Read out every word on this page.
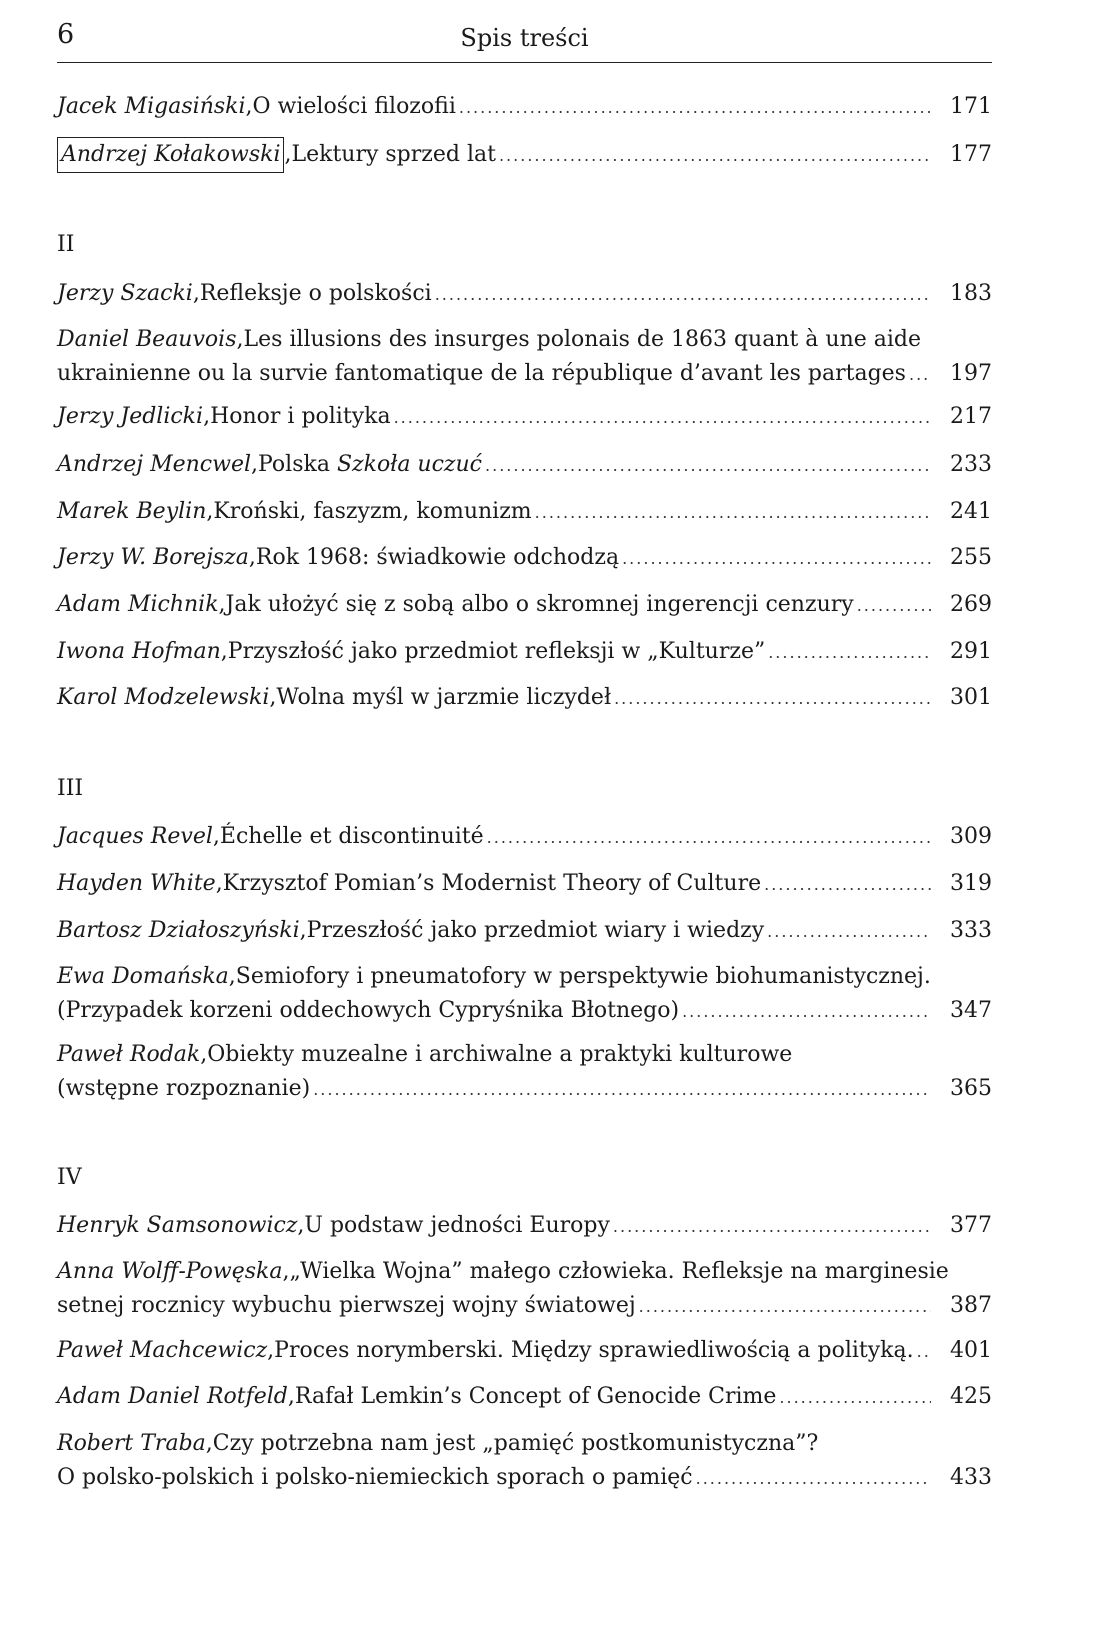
6	Spis treści
Jacek Migasiński , O wielości filozofii .....	171
Andrzej Kołakowski , Lektury sprzed lat .....	177
II
Jerzy Szacki , Refleksje o polskości .....	183
Daniel Beauvois , Les illusions des insurges polonais de 1863 quant à une aide
ukrainienne ou la survie fantomatique de la république d’avant les partages .....	197
Jerzy Jedlicki , Honor i polityka .....	217
Andrzej Mencwel , Polska
Szkoła uczuć .....	233
Marek Beylin , Kroński, faszyzm, komunizm .....	241
Jerzy W. Borejsza , Rok 1968: świadkowie odchodzą .....	255
Adam Michnik , Jak ułożyć się z sobą albo o skromnej ingerencji cenzury .....	269
Iwona Hofman , Przyszłość jako przedmiot refleksji w „Kulturze” .....	291
Karol Modzelewski , Wolna myśl w jarzmie liczydeł .....	301
III
Jacques Revel , Échelle et discontinuité .....	309
Hayden White , Krzysztof Pomian’s Modernist Theory of Culture .....	319
Bartosz Działoszyński , Przeszłość jako przedmiot wiary i wiedzy .....	333
Ewa Domańska , Semiofory i pneumatofory w perspektywie biohumanistycznej.
(Przypadek korzeni oddechowych Cypryśnika Błotnego) .....	347
Paweł Rodak , Obiekty muzealne i archiwalne a praktyki kulturowe
(wstępne rozpoznanie) .....	365
IV
Henryk Samsonowicz , U podstaw jedności Europy .....	377
Anna Wolff-Powęska , „Wielka Wojna” małego człowieka. Refleksje na marginesie
setnej rocznicy wybuchu pierwszej wojny światowej .....	387
Paweł Machcewicz , Proces norymberski. Między sprawiedliwością a polityką. .....	401
Adam Daniel Rotfeld , Rafał Lemkin’s Concept of Genocide Crime .....	425
Robert Traba , Czy potrzebna nam jest „pamięć postkomunistyczna”?
O polsko-polskich i polsko-niemieckich sporach o pamięć .....	433
